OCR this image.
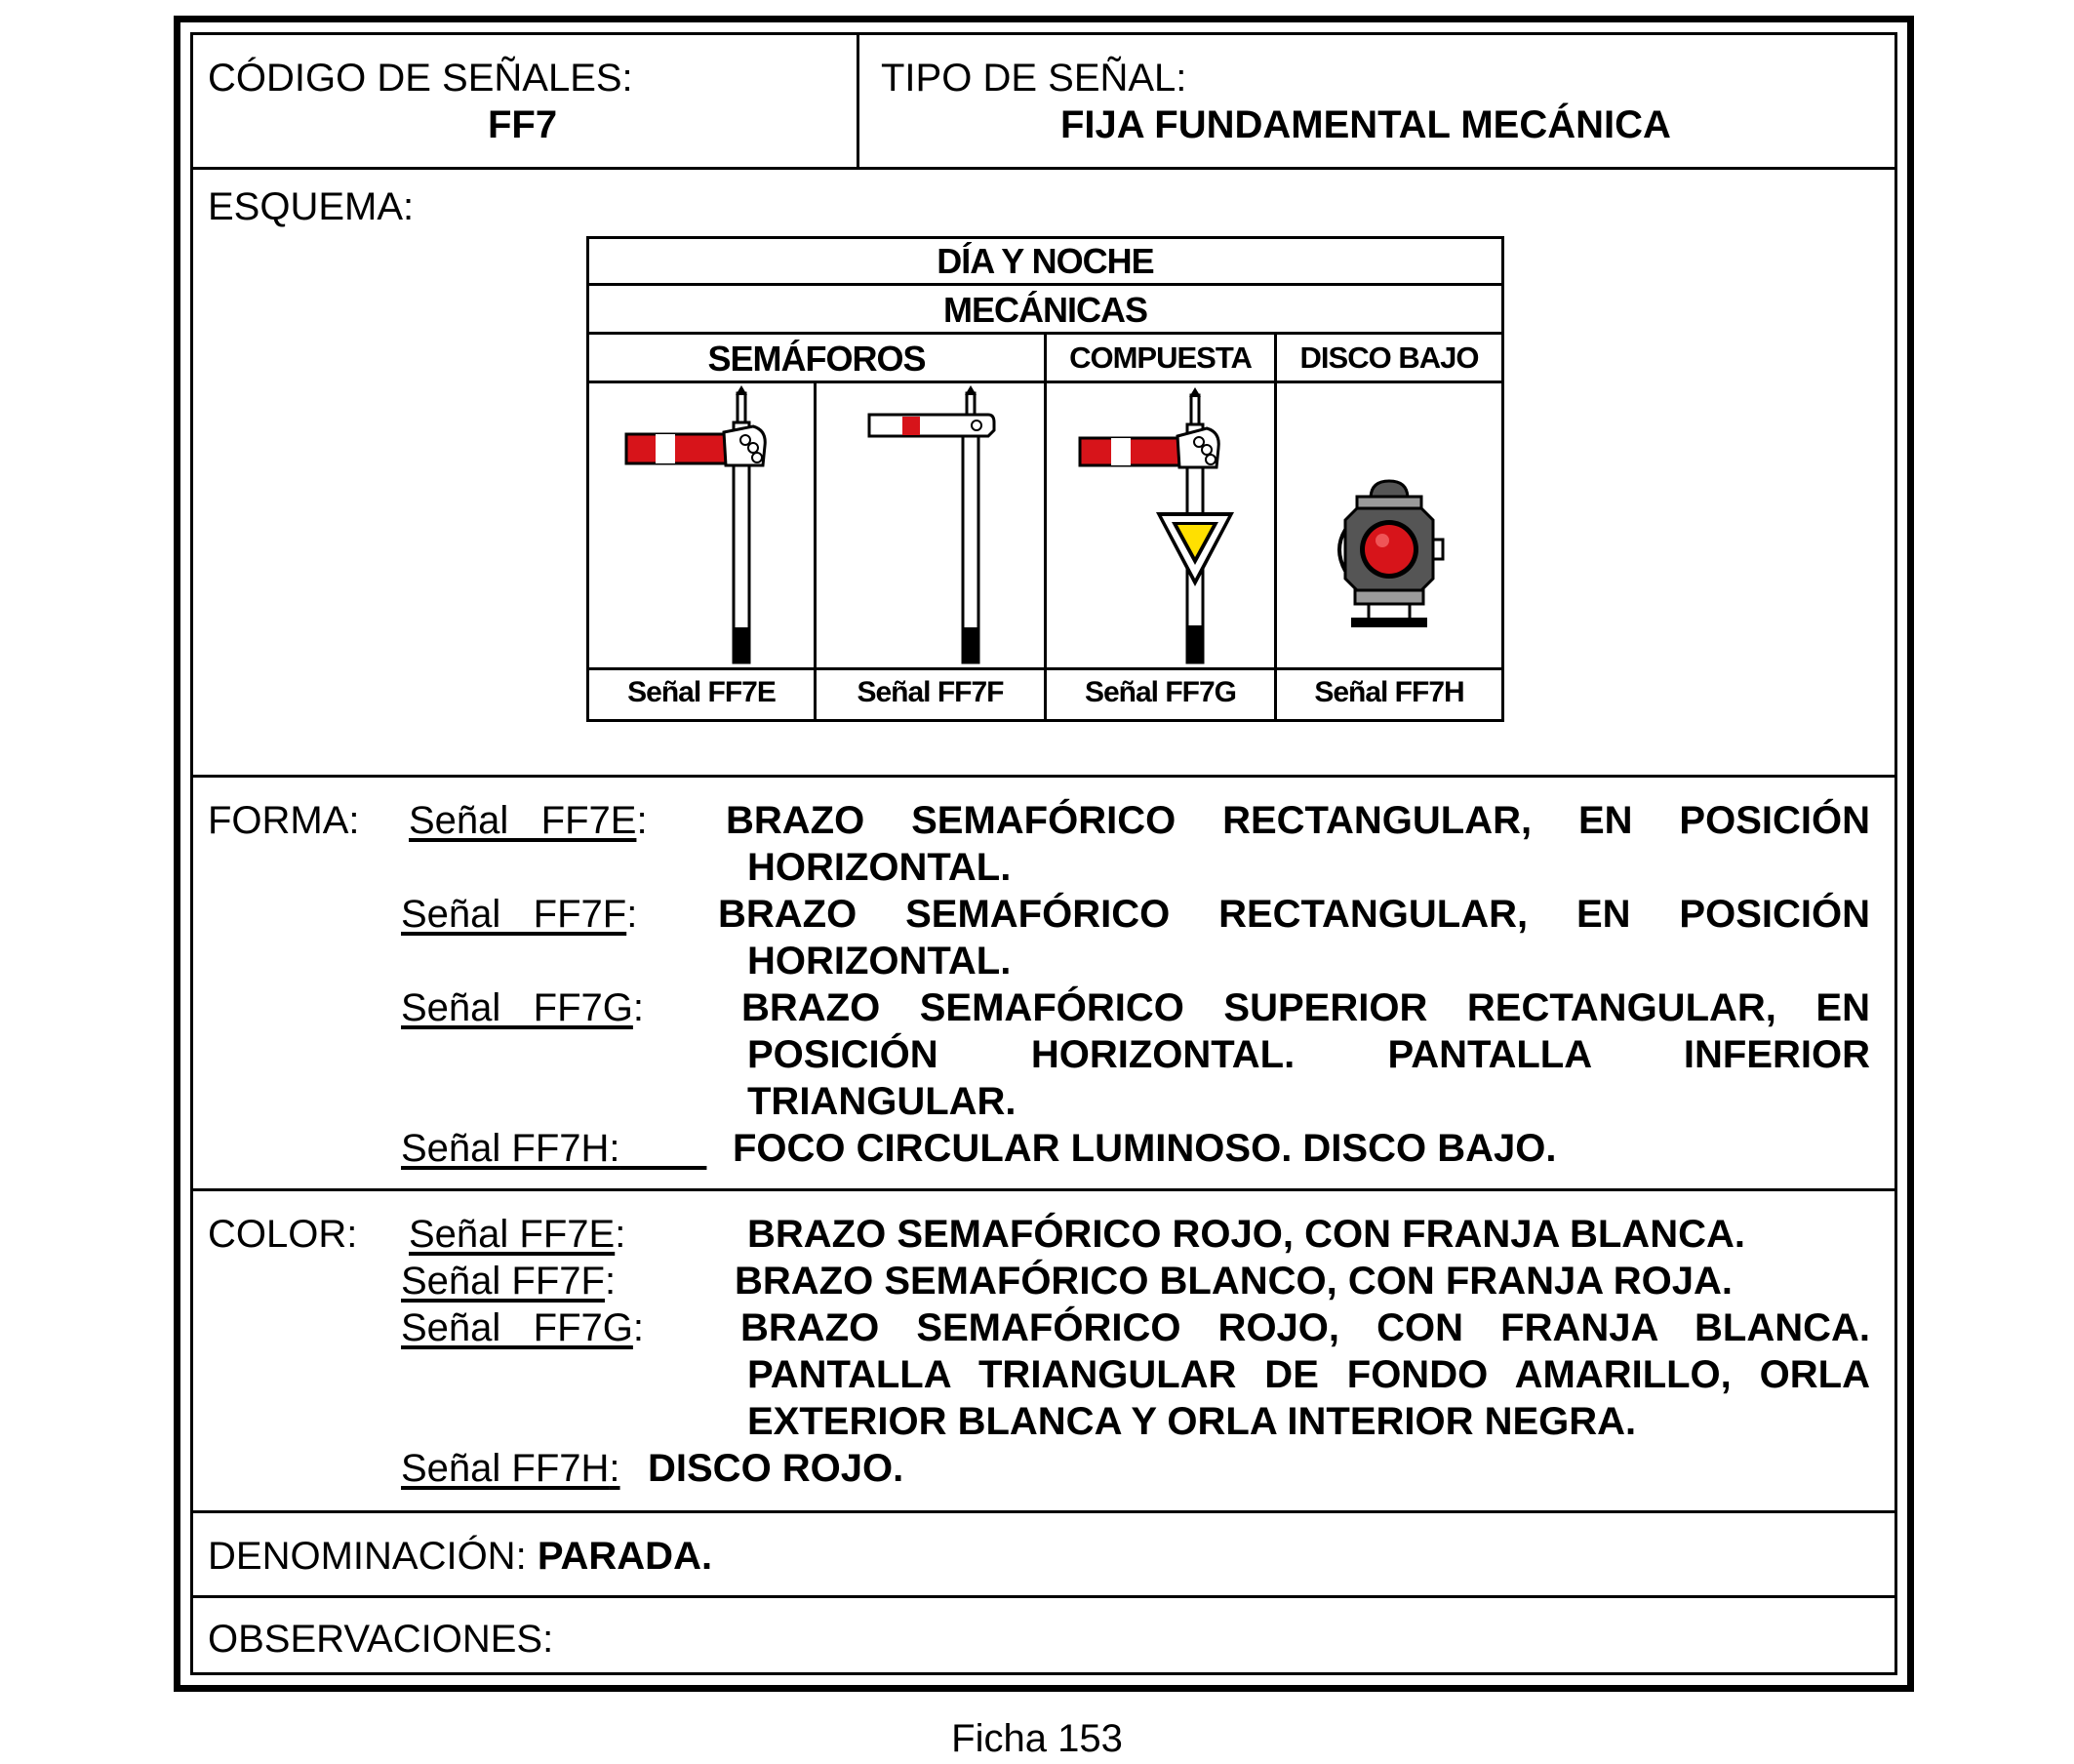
CÓDIGO DE SEÑALES:
FF7
TIPO DE SEÑAL:
FIJA FUNDAMENTAL MECÁNICA
ESQUEMA:
DÍA Y NOCHE
MECÁNICAS
SEMÁFOROS	COMPUESTA	DISCO BAJO
Señal FF7E	Señal FF7F	Señal FF7G	Señal FF7H
FORMA: Señal   FF7E: BRAZO SEMAFÓRICO RECTANGULAR, EN POSICIÓN
HORIZONTAL.
Señal   FF7F: BRAZO SEMAFÓRICO RECTANGULAR, EN POSICIÓN
HORIZONTAL.
Señal   FF7G:	BRAZO SEMAFÓRICO SUPERIOR RECTANGULAR, EN
POSICIÓN HORIZONTAL. PANTALLA INFERIOR
TRIANGULAR.
Señal FF7H:	FOCO CIRCULAR LUMINOSO. DISCO BAJO.
COLOR: Señal FF7E:	BRAZO SEMAFÓRICO ROJO, CON FRANJA BLANCA.
Señal FF7F:	BRAZO SEMAFÓRICO BLANCO, CON FRANJA ROJA.
Señal   FF7G: BRAZO SEMAFÓRICO ROJO, CON FRANJA BLANCA.
PANTALLA TRIANGULAR DE FONDO AMARILLO, ORLA
EXTERIOR BLANCA Y ORLA INTERIOR NEGRA.
Señal FF7H: DISCO ROJO.
DENOMINACIÓN: PARADA.
OBSERVACIONES:
Ficha 153
